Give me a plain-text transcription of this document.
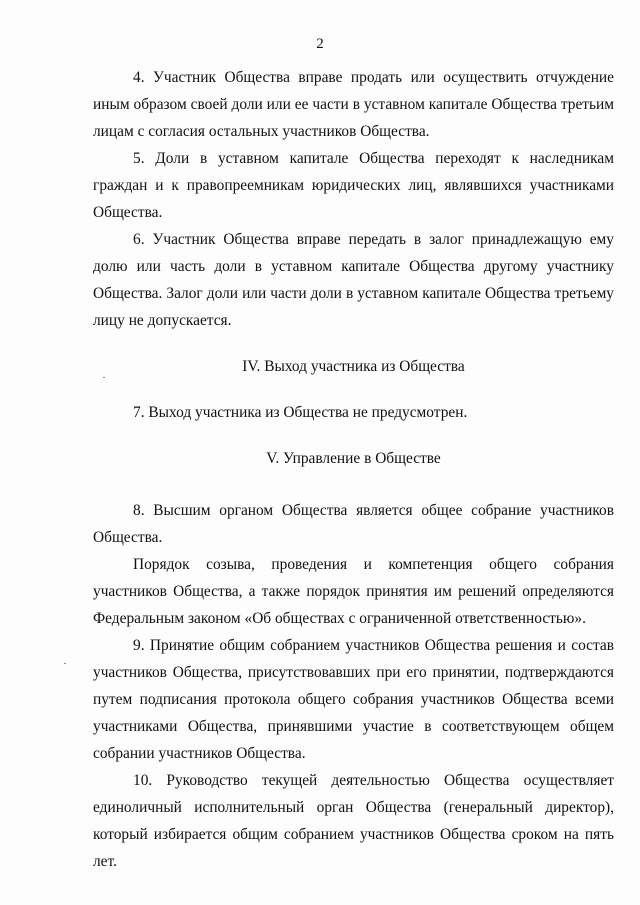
2

4. Участник Общества вправе продать или осуществить отчуждение иным образом своей доли или ее части в уставном капитале Общества третьим лицам с согласия остальных участников Общества.

5. Доли в уставном капитале Общества переходят к наследникам граждан и к правопреемникам юридических лиц, являвшихся участниками Общества.

6. Участник Общества вправе передать в залог принадлежащую ему долю или часть доли в уставном капитале Общества другому участнику Общества. Залог доли или части доли в уставном капитале Общества третьему лицу не допускается.

IV. Выход участника из Общества

7. Выход участника из Общества не предусмотрен.

V. Управление в Обществе

8. Высшим органом Общества является общее собрание участников Общества.

Порядок созыва, проведения и компетенция общего собрания участников Общества, а также порядок принятия им решений определяются Федеральным законом «Об обществах с ограниченной ответственностью».

9. Принятие общим собранием участников Общества решения и состав участников Общества, присутствовавших при его принятии, подтверждаются путем подписания протокола общего собрания участников Общества всеми участниками Общества, принявшими участие в соответствующем общем собрании участников Общества.

10. Руководство текущей деятельностью Общества осуществляет единоличный исполнительный орган Общества (генеральный директор), который избирается общим собранием участников Общества сроком на пять лет.
